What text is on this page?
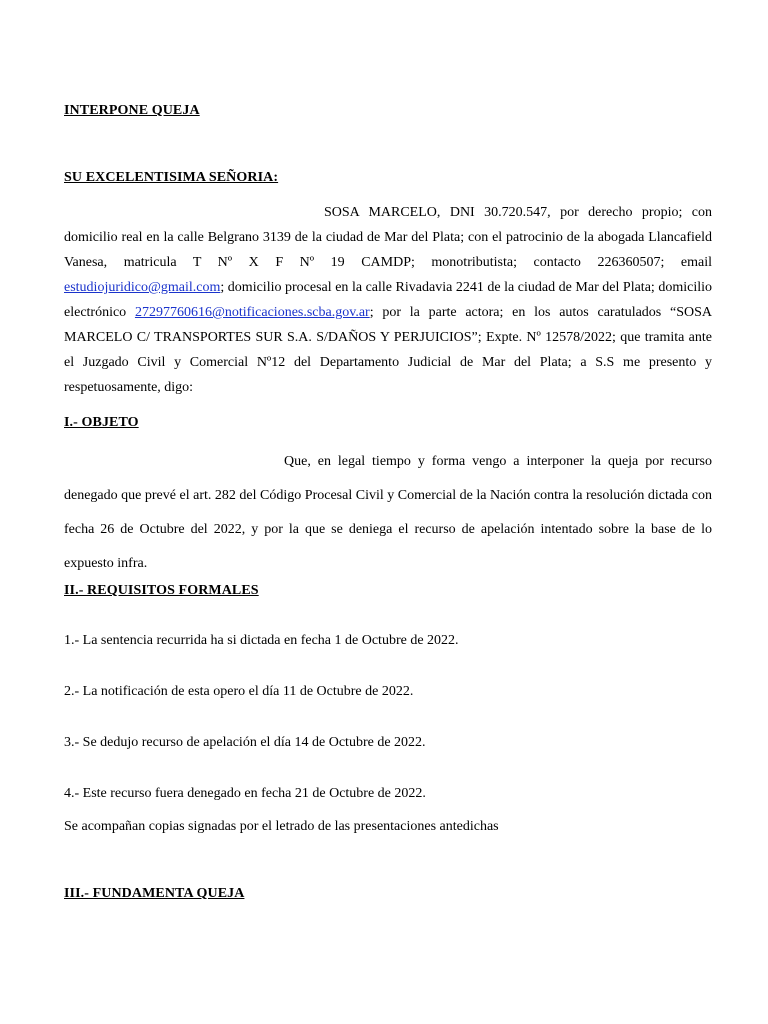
INTERPONE QUEJA

SU EXCELENTISIMA SEÑORIA:

SOSA MARCELO, DNI 30.720.547, por derecho propio; con domicilio real en la calle Belgrano 3139 de la ciudad de Mar del Plata; con el patrocinio de la abogada Llancafield Vanesa, matricula T Nº X F Nº 19 CAMDP; monotributista; contacto 226360507; email estudiojuridico@gmail.com; domicilio procesal en la calle Rivadavia 2241 de la ciudad de Mar del Plata; domicilio electrónico 27297760616@notificaciones.scba.gov.ar; por la parte actora; en los autos caratulados “SOSA MARCELO C/ TRANSPORTES SUR S.A. S/DAÑOS Y PERJUICIOS”; Expte. Nº 12578/2022; que tramita ante el Juzgado Civil y Comercial Nº12 del Departamento Judicial de Mar del Plata; a S.S me presento y respetuosamente, digo:

I.- OBJETO

Que, en legal tiempo y forma vengo a interponer la queja por recurso denegado que prevé el art. 282 del Código Procesal Civil y Comercial de la Nación contra la resolución dictada con fecha 26 de Octubre del 2022, y por la que se deniega el recurso de apelación intentado sobre la base de lo expuesto infra.

II.- REQUISITOS FORMALES

1.- La sentencia recurrida ha si dictada en fecha 1 de Octubre de 2022.

2.- La notificación de esta opero el día 11 de Octubre de 2022.

3.- Se dedujo recurso de apelación el día 14 de Octubre de 2022.

4.- Este recurso fuera denegado en fecha 21 de Octubre de 2022.

Se acompañan copias signadas por el letrado de las presentaciones antedichas

III.- FUNDAMENTA QUEJA
